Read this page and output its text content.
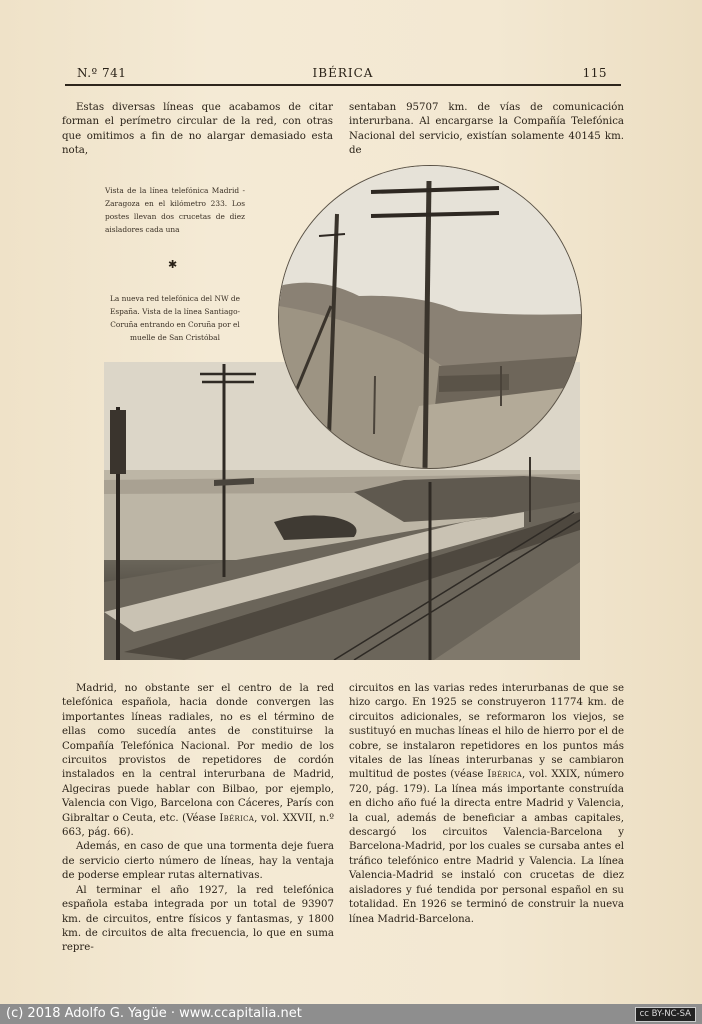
N.º 741	IBÉRICA	115

Estas diversas líneas que acabamos de citar forman el perímetro circular de la red, con otras que omitimos a fin de no alargar demasiado esta nota,

sentaban 95707 km. de vías de comunicación interurbana. Al encargarse la Compañía Telefónica Nacional del servicio, existían solamente 40145 km. de

Vista de la línea telefónica Madrid - Zaragoza en el kilómetro 233. Los postes llevan dos crucetas de diez aisladores cada una
✱
La nueva red telefónica del NW de España. Vista de la línea Santiago-Coruña entrando en Coruña por el muelle de San Cristóbal

Madrid, no obstante ser el centro de la red telefónica española, hacia donde convergen las importantes líneas radiales, no es el término de ellas como sucedía antes de constituirse la Compañía Telefónica Nacional. Por medio de los circuitos provistos de repetidores de cordón instalados en la central interurbana de Madrid, Algeciras puede hablar con Bilbao, por ejemplo, Valencia con Vigo, Barcelona con Cáceres, París con Gibraltar o Ceuta, etc. (Véase Ibérica, vol. XXVII, n.º 663, pág. 66).

Además, en caso de que una tormenta deje fuera de servicio cierto número de líneas, hay la ventaja de poderse emplear rutas alternativas.

Al terminar el año 1927, la red telefónica española estaba integrada por un total de 93907 km. de circuitos, entre físicos y fantasmas, y 1800 km. de circuitos de alta frecuencia, lo que en suma repre-

circuitos en las varias redes interurbanas de que se hizo cargo. En 1925 se construyeron 11774 km. de circuitos adicionales, se reformaron los viejos, se sustituyó en muchas líneas el hilo de hierro por el de cobre, se instalaron repetidores en los puntos más vitales de las líneas interurbanas y se cambiaron multitud de postes (véase Ibérica, vol. XXIX, número 720, pág. 179). La línea más importante construída en dicho año fué la directa entre Madrid y Valencia, la cual, además de beneficiar a ambas capitales, descargó los circuitos Valencia-Barcelona y Barcelona-Madrid, por los cuales se cursaba antes el tráfico telefónico entre Madrid y Valencia. La línea Valencia-Madrid se instaló con crucetas de diez aisladores y fué tendida por personal español en su totalidad. En 1926 se terminó de construir la nueva línea Madrid-Barcelona.

(c) 2018 Adolfo G. Yagüe · www.ccapitalia.net	cc BY-NC-SA
